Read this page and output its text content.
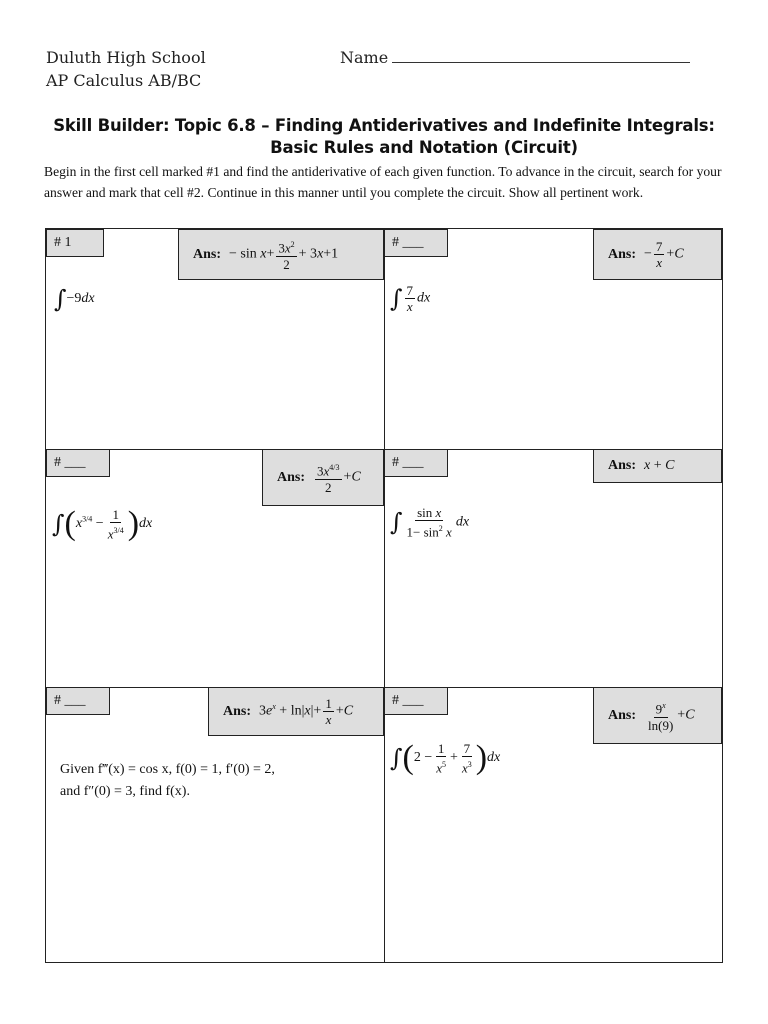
Duluth High School
AP Calculus AB/BC
Name
Skill Builder: Topic 6.8 – Finding Antiderivatives and Indefinite Integrals:
Basic Rules and Notation (Circuit)
Begin in the first cell marked #1 and find the antiderivative of each given function. To advance in the circuit, search for your answer and mark that cell #2. Continue in this manner until you complete the circuit. Show all pertinent work.
# 1
Ans: − $\sin x+ \frac{3x^2}{2} + 3x+1$
∫−9dx
# ___
Ans: − $\frac{7}{x} +C$
∫ $\frac{7}{x}$ dx
# ___
Ans: $\frac{3x^{4/3}}{2} +C$
$\int(x^{3/4} - \frac{1}{x^{3/4}} )dx$
# ___	Ans: x + C
∫ $\frac{\text{sin x}}{1- \sin^2 x}$ dx
# ___
Ans: $3e^x + \ln|x|+ \frac{1}{x} +C$
Given f‴(x) = cos x, f(0) = 1, f′(0) = 2,
and f″(0) = 3, find f(x).
# ___
Ans: $\frac{9^x}{\ln(9)} +C$
$\int(2 - \frac{1}{x^5} + \frac{7}{x^3} )dx$
